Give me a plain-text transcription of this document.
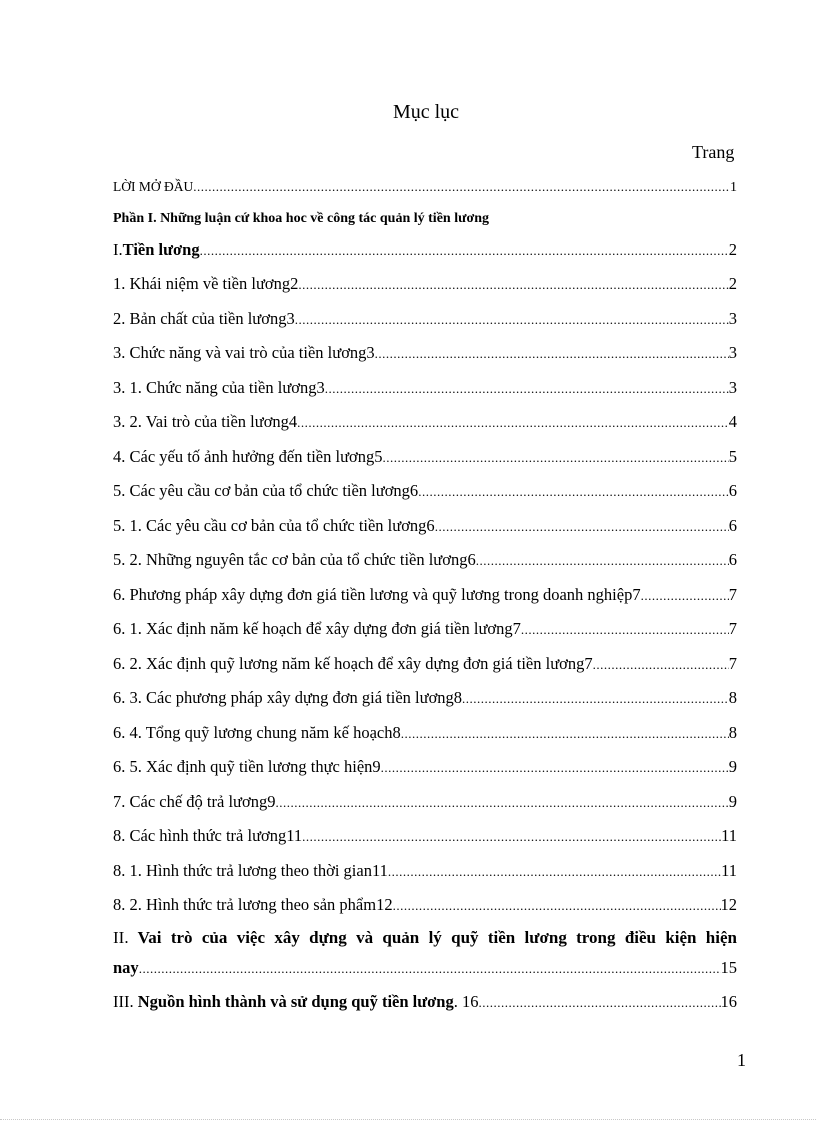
Mục lục
Trang
LỜI MỞ ĐẦU .....	1
Phần I. Những luận cứ khoa hoc về công tác quản lý tiền lương
I.Tiền lương .....	2
1. Khái niệm về tiền lương2 .....	2
2. Bản chất của tiền lương3 .....	3
3. Chức năng và vai trò của tiền lương3 .....	3
3. 1. Chức năng của tiền lương3 .....	3
3. 2. Vai trò của tiền lương4 .....	4
4. Các yếu tố ảnh hưởng đến tiền lương5 .....	5
5. Các yêu cầu cơ bản của tổ chức tiền lương6 .....	6
5. 1. Các yêu cầu cơ bản của tổ chức tiền lương6 .....	6
5. 2. Những nguyên tắc cơ bản của tổ chức tiền lương6 .....	6
6. Phương pháp xây dựng đơn giá tiền lương và quỹ lương trong doanh nghiệp7 .....	7
6. 1. Xác định năm kế hoạch để xây dựng đơn giá tiền lương7 .....	7
6. 2. Xác định quỹ lương năm kế hoạch để xây dựng đơn giá tiền lương7 .....	7
6. 3. Các phương pháp xây dựng đơn giá tiền lương8 .....	8
6. 4. Tổng quỹ lương chung năm kế hoạch8 .....	8
6. 5. Xác định quỹ tiền lương thực hiện9 .....	9
7. Các chế độ trả lương9 .....	9
8. Các hình thức trả lương11 .....	11
8. 1. Hình thức trả lương theo thời gian11 .....	11
8. 2. Hình thức trả lương theo sản phẩm12 .....	12
II. Vai trò của việc xây dựng và quản lý quỹ tiền lương trong điều kiện hiện
nay .....	15
III. Nguồn hình thành và sử dụng quỹ tiền lương. 16 .....	16
1
